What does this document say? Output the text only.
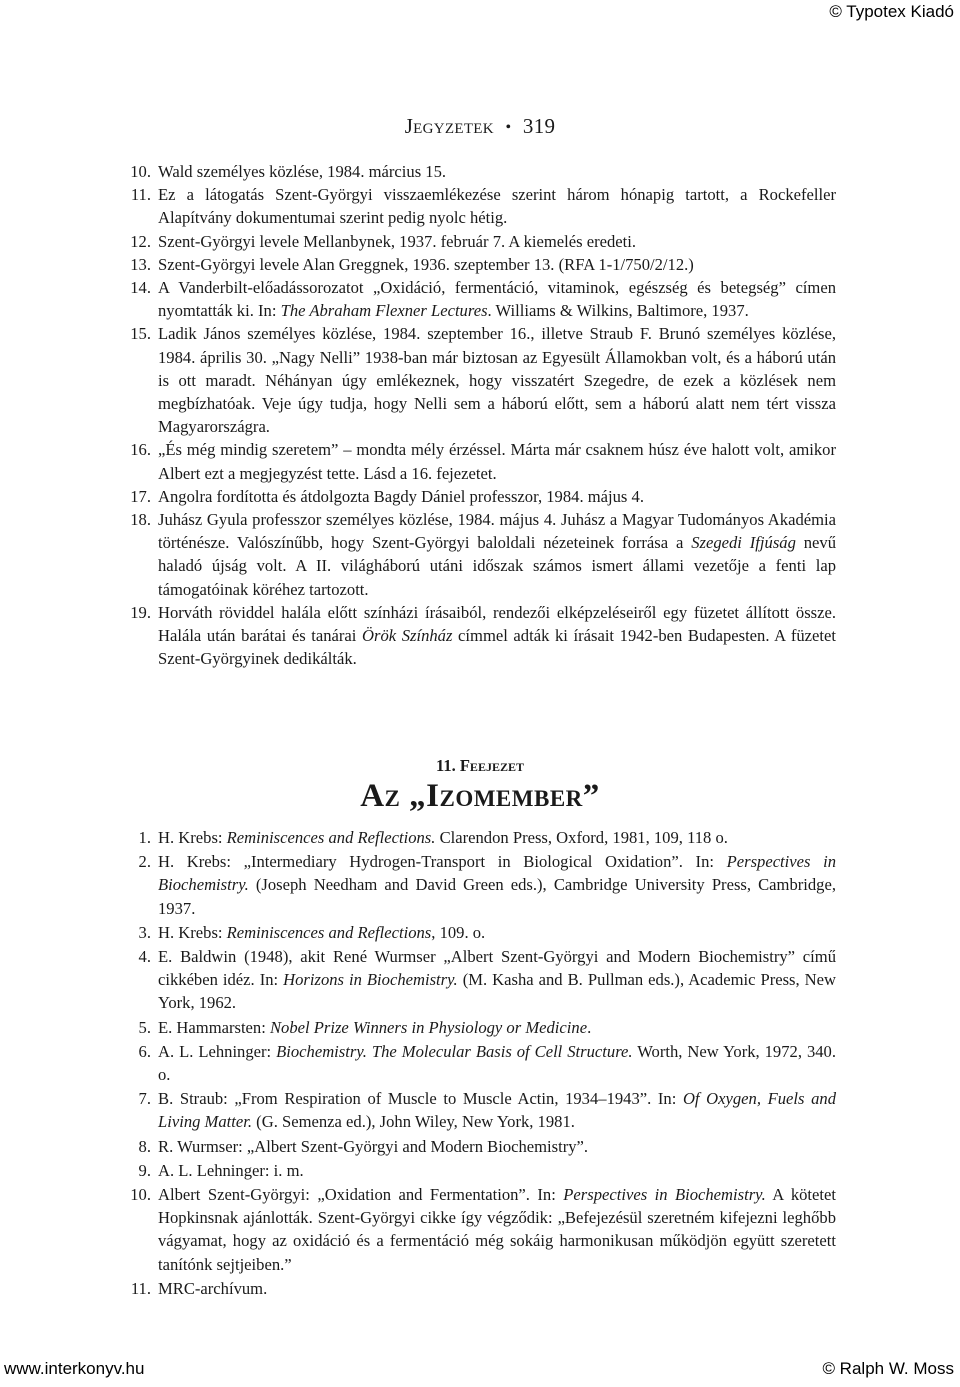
© Typotex Kiadó
Jegyzetek • 319
10. Wald személyes közlése, 1984. március 15.
11. Ez a látogatás Szent-Györgyi visszaemlékezése szerint három hónapig tartott, a Rockefeller Alapítvány dokumentumai szerint pedig nyolc hétig.
12. Szent-Györgyi levele Mellanbynek, 1937. február 7. A kiemelés eredeti.
13. Szent-Györgyi levele Alan Greggnek, 1936. szeptember 13. (RFA 1-1/750/2/12.)
14. A Vanderbilt-előadássorozatot „Oxidáció, fermentáció, vitaminok, egészség és betegség” címen nyomtatták ki. In: The Abraham Flexner Lectures. Williams & Wilkins, Baltimore, 1937.
15. Ladik János személyes közlése, 1984. szeptember 16., illetve Straub F. Brunó személyes közlése, 1984. április 30. „Nagy Nelli” 1938-ban már biztosan az Egyesült Államokban volt, és a háború után is ott maradt. Néhányan úgy emlékeznek, hogy visszatért Szegedre, de ezek a közlések nem megbízhatóak. Veje úgy tudja, hogy Nelli sem a háború előtt, sem a háború alatt nem tért vissza Magyarországra.
16. „És még mindig szeretem” – mondta mély érzéssel. Márta már csaknem húsz éve halott volt, amikor Albert ezt a megjegyzést tette. Lásd a 16. fejezetet.
17. Angolra fordította és átdolgozta Bagdy Dániel professzor, 1984. május 4.
18. Juhász Gyula professzor személyes közlése, 1984. május 4. Juhász a Magyar Tudományos Akadémia történésze. Valószínűbb, hogy Szent-Györgyi baloldali nézeteinek forrása a Szegedi Ifjúság nevű haladó újság volt. A II. világháború utáni időszak számos ismert állami vezetője a fenti lap támogatóinak köréhez tartozott.
19. Horváth röviddel halála előtt színházi írásaiból, rendezői elképzeléseiről egy füzetet állított össze. Halála után barátai és tanárai Örök Színház címmel adták ki írásait 1942-ben Budapesten. A füzetet Szent-Györgyinek dedikálták.
11. Feejezet
Az „Izomember”
1. H. Krebs: Reminiscences and Reflections. Clarendon Press, Oxford, 1981, 109, 118 o.
2. H. Krebs: „Intermediary Hydrogen-Transport in Biological Oxidation”. In: Perspectives in Biochemistry. (Joseph Needham and David Green eds.), Cambridge University Press, Cambridge, 1937.
3. H. Krebs: Reminiscences and Reflections, 109. o.
4. E. Baldwin (1948), akit René Wurmser „Albert Szent-Györgyi and Modern Biochemistry” című cikkében idéz. In: Horizons in Biochemistry. (M. Kasha and B. Pullman eds.), Academic Press, New York, 1962.
5. E. Hammarsten: Nobel Prize Winners in Physiology or Medicine.
6. A. L. Lehninger: Biochemistry. The Molecular Basis of Cell Structure. Worth, New York, 1972, 340. o.
7. B. Straub: „From Respiration of Muscle to Muscle Actin, 1934–1943”. In: Of Oxygen, Fuels and Living Matter. (G. Semenza ed.), John Wiley, New York, 1981.
8. R. Wurmser: „Albert Szent-Györgyi and Modern Biochemistry”.
9. A. L. Lehninger: i. m.
10. Albert Szent-Györgyi: „Oxidation and Fermentation”. In: Perspectives in Biochemistry. A kötetet Hopkinsnak ajánlották. Szent-Györgyi cikke így végződik: „Befejezésül szeretném kifejezni leghőbb vágyamat, hogy az oxidáció és a fermentáció még sokáig harmonikusan működjön együtt szeretett tanítónk sejtjeiben.”
11. MRC-archívum.
www.interkonyv.hu	© Ralph W. Moss
